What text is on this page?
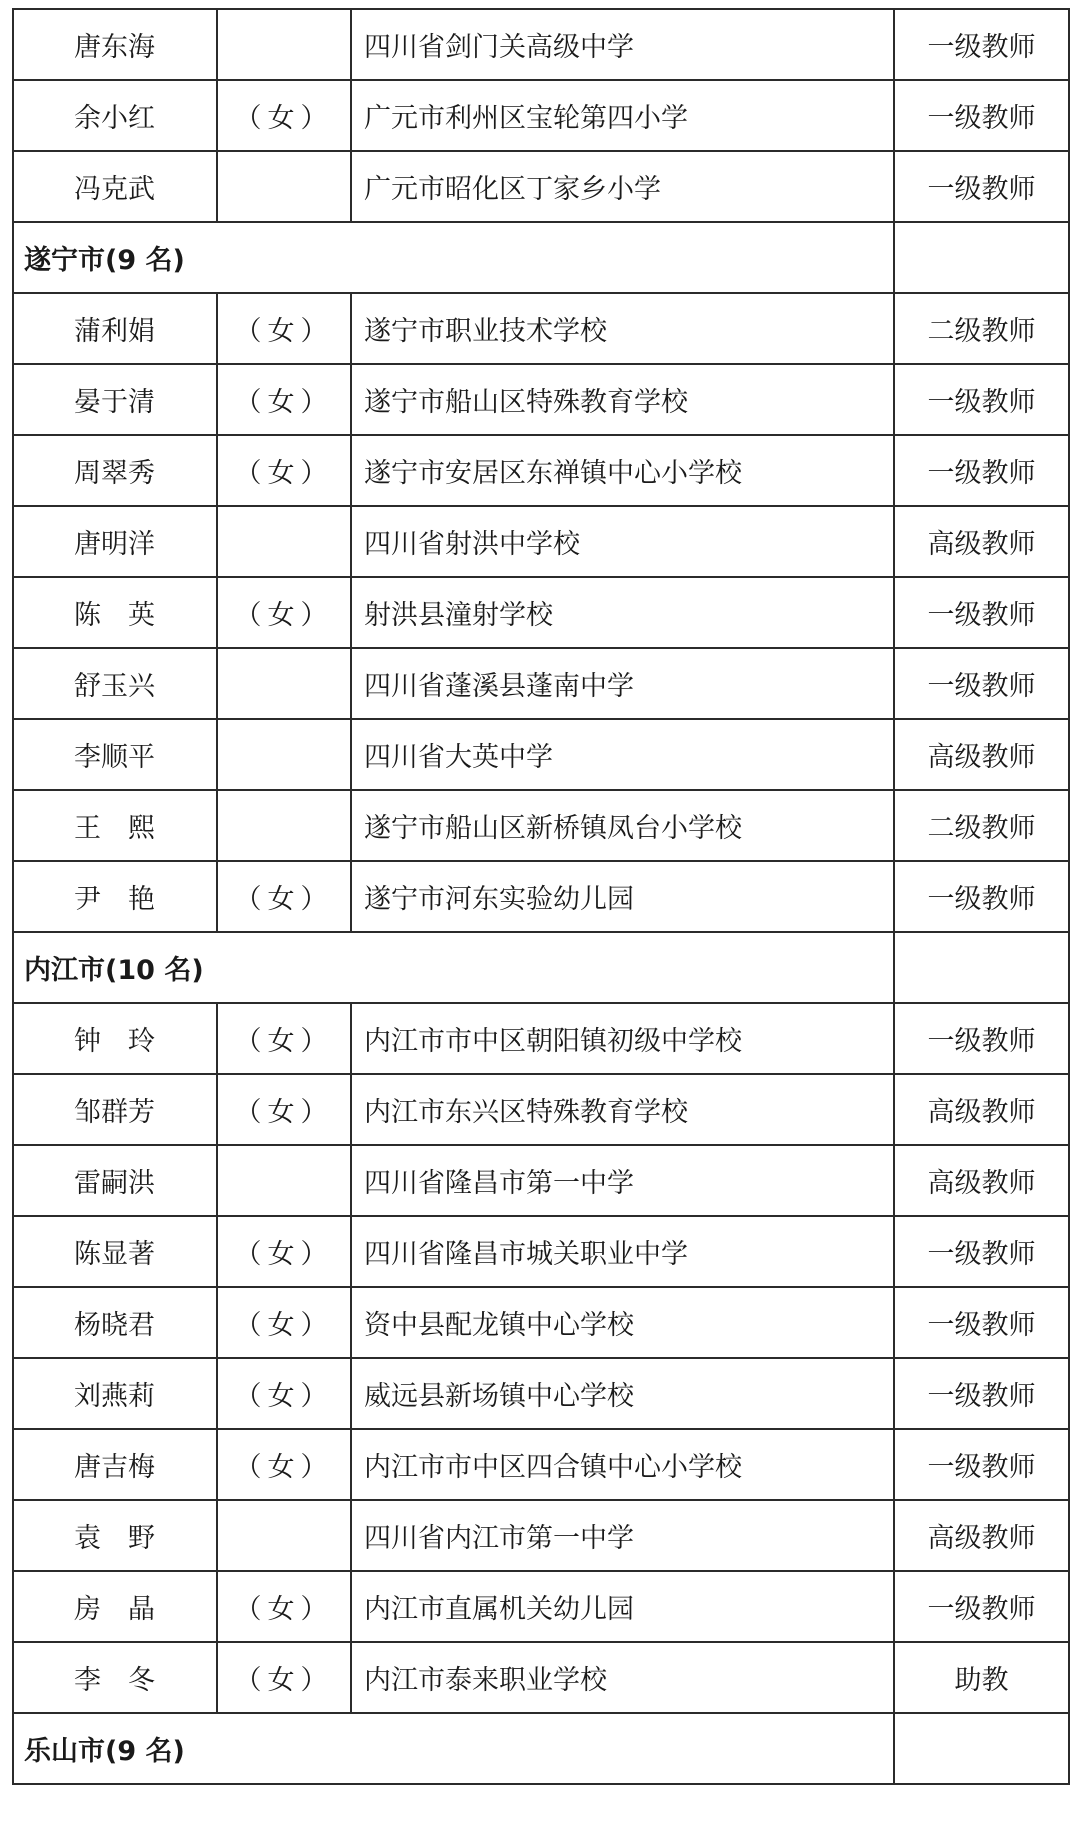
唐东海		四川省剑门关高级中学	一级教师
余小红	（女）	广元市利州区宝轮第四小学	一级教师
冯克武		广元市昭化区丁家乡小学	一级教师
遂宁市(9 名)			
蒲利娟	（女）	遂宁市职业技术学校	二级教师
晏于清	（女）	遂宁市船山区特殊教育学校	一级教师
周翠秀	（女）	遂宁市安居区东禅镇中心小学校	一级教师
唐明洋		四川省射洪中学校	高级教师
陈　英	（女）	射洪县潼射学校	一级教师
舒玉兴		四川省蓬溪县蓬南中学	一级教师
李顺平		四川省大英中学	高级教师
王　熙		遂宁市船山区新桥镇凤台小学校	二级教师
尹　艳	（女）	遂宁市河东实验幼儿园	一级教师
内江市(10 名)			
钟　玲	（女）	内江市市中区朝阳镇初级中学校	一级教师
邹群芳	（女）	内江市东兴区特殊教育学校	高级教师
雷嗣洪		四川省隆昌市第一中学	高级教师
陈显著	（女）	四川省隆昌市城关职业中学	一级教师
杨晓君	（女）	资中县配龙镇中心学校	一级教师
刘燕莉	（女）	威远县新场镇中心学校	一级教师
唐吉梅	（女）	内江市市中区四合镇中心小学校	一级教师
袁　野		四川省内江市第一中学	高级教师
房　晶	（女）	内江市直属机关幼儿园	一级教师
李　冬	（女）	内江市泰来职业学校	助教
乐山市(9 名)			
